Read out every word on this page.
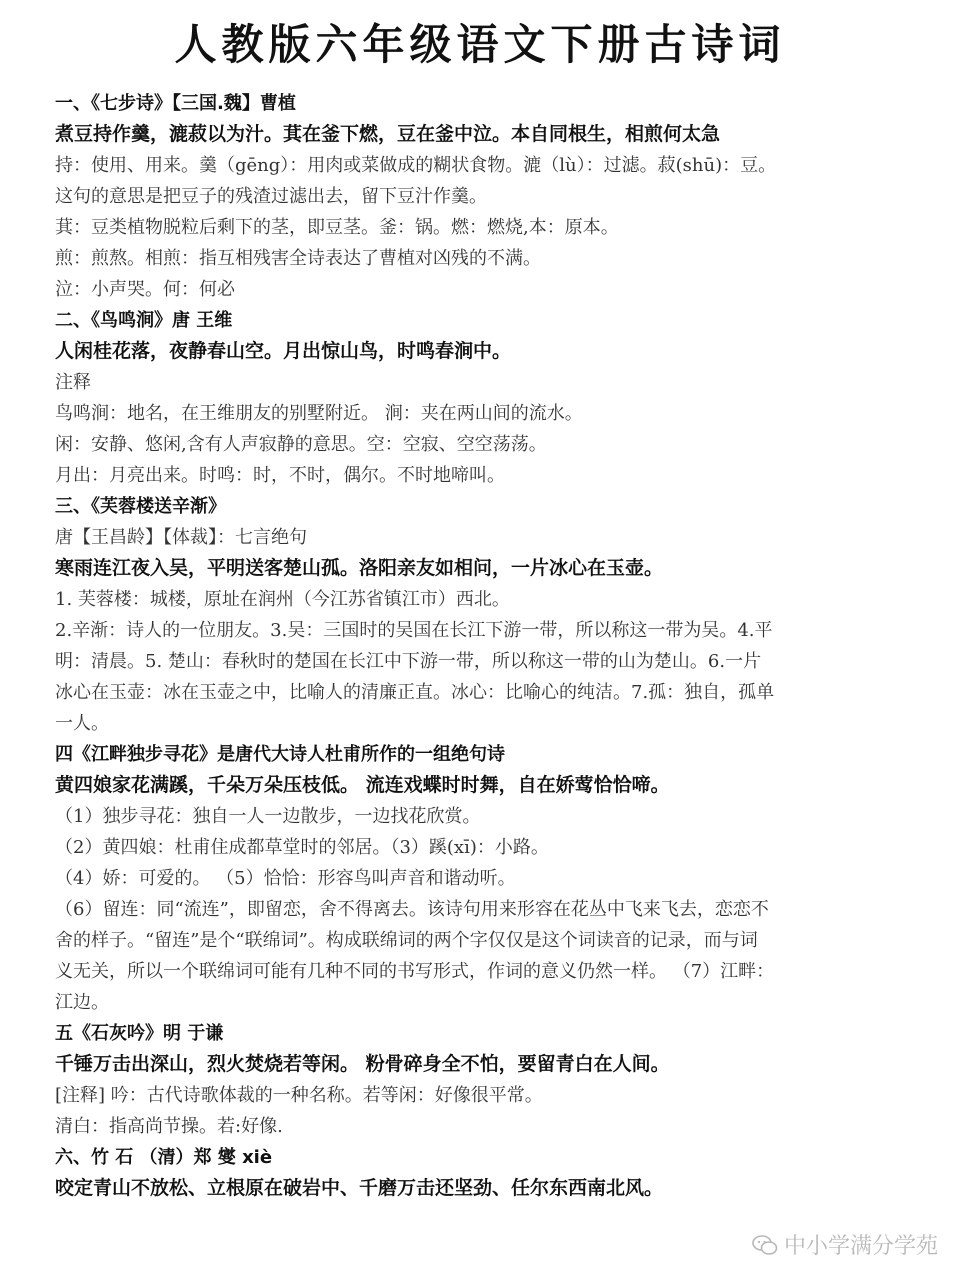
人教版六年级语文下册古诗词
一、《七步诗》【三国.魏】曹植
煮豆持作羹，漉菽以为汁。萁在釜下燃，豆在釜中泣。本自同根生，相煎何太急
持：使用、用来。羹（gēng）：用肉或菜做成的糊状食物。漉（lù）：过滤。菽(shū)：豆。
这句的意思是把豆子的残渣过滤出去，留下豆汁作羹。
萁：豆类植物脱粒后剩下的茎，即豆茎。釜：锅。燃：燃烧,本：原本。
煎：煎熬。相煎：指互相残害全诗表达了曹植对凶残的不满。
泣：小声哭。何：何必
二、《鸟鸣涧》唐 王维
人闲桂花落，夜静春山空。月出惊山鸟，时鸣春涧中。
注释
鸟鸣涧：地名，在王维朋友的别墅附近。 涧：夹在两山间的流水。
闲：安静、悠闲,含有人声寂静的意思。空：空寂、空空荡荡。
月出：月亮出来。时鸣：时，不时，偶尔。不时地啼叫。
三、《芙蓉楼送辛渐》
唐【王昌龄】【体裁】：七言绝句
寒雨连江夜入吴，平明送客楚山孤。洛阳亲友如相问，一片冰心在玉壶。
1. 芙蓉楼：城楼，原址在润州（今江苏省镇江市）西北。
2.辛渐：诗人的一位朋友。3.吴：三国时的吴国在长江下游一带，所以称这一带为吴。4.平
明：清晨。5. 楚山：春秋时的楚国在长江中下游一带，所以称这一带的山为楚山。6.一片
冰心在玉壶：冰在玉壶之中，比喻人的清廉正直。冰心：比喻心的纯洁。7.孤：独自，孤单
一人。
四《江畔独步寻花》是唐代大诗人杜甫所作的一组绝句诗
黄四娘家花满蹊，千朵万朵压枝低。 流连戏蝶时时舞，自在娇莺恰恰啼。
（1）独步寻花：独自一人一边散步，一边找花欣赏。
（2）黄四娘：杜甫住成都草堂时的邻居。（3）蹊(xī)：小路。
（4）娇：可爱的。 （5）恰恰：形容鸟叫声音和谐动听。
（6）留连：同“流连”，即留恋，舍不得离去。该诗句用来形容在花丛中飞来飞去，恋恋不
舍的样子。“留连”是个“联绵词”。构成联绵词的两个字仅仅是这个词读音的记录，而与词
义无关，所以一个联绵词可能有几种不同的书写形式，作词的意义仍然一样。 （7）江畔：
江边。
五《石灰吟》明 于谦
千锤万击出深山，烈火焚烧若等闲。 粉骨碎身全不怕，要留青白在人间。
[注释] 吟：古代诗歌体裁的一种名称。若等闲：好像很平常。
清白：指高尚节操。若:好像.
六、竹 石 （清）郑 燮 xiè
咬定青山不放松、立根原在破岩中、千磨万击还坚劲、任尔东西南北风。
中小学满分学苑
